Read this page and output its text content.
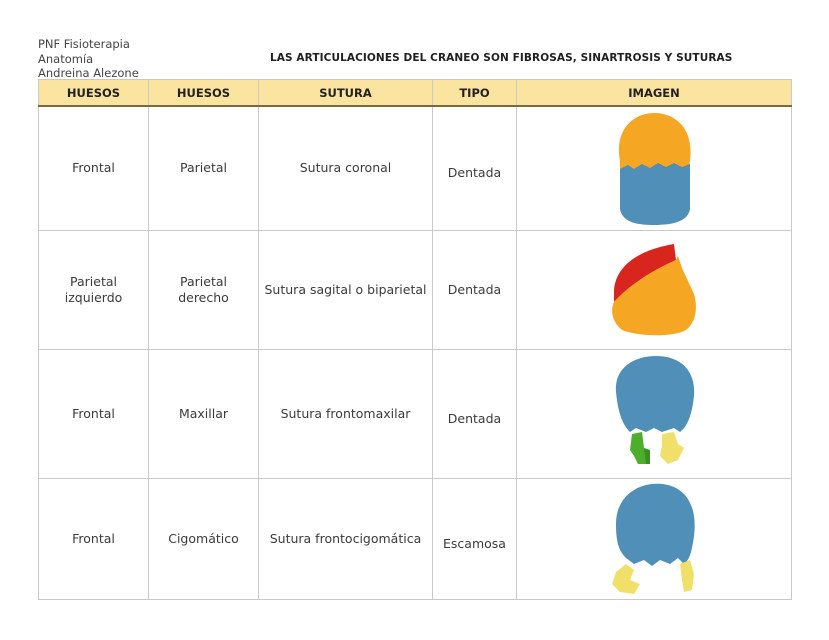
PNF Fisioterapia
Anatomía
Andreina Alezone
LAS ARTICULACIONES DEL CRANEO SON FIBROSAS, SINARTROSIS Y SUTURAS
HUESOS	HUESOS	SUTURA	TIPO	IMAGEN
Frontal	Parietal	Sutura coronal	Dentada	

Parietal izquierdo	Parietal derecho	Sutura sagital o biparietal	Dentada	

Frontal	Maxillar	Sutura frontomaxilar	Dentada	

Frontal	Cigomático	Sutura frontocigomática	Escamosa	
